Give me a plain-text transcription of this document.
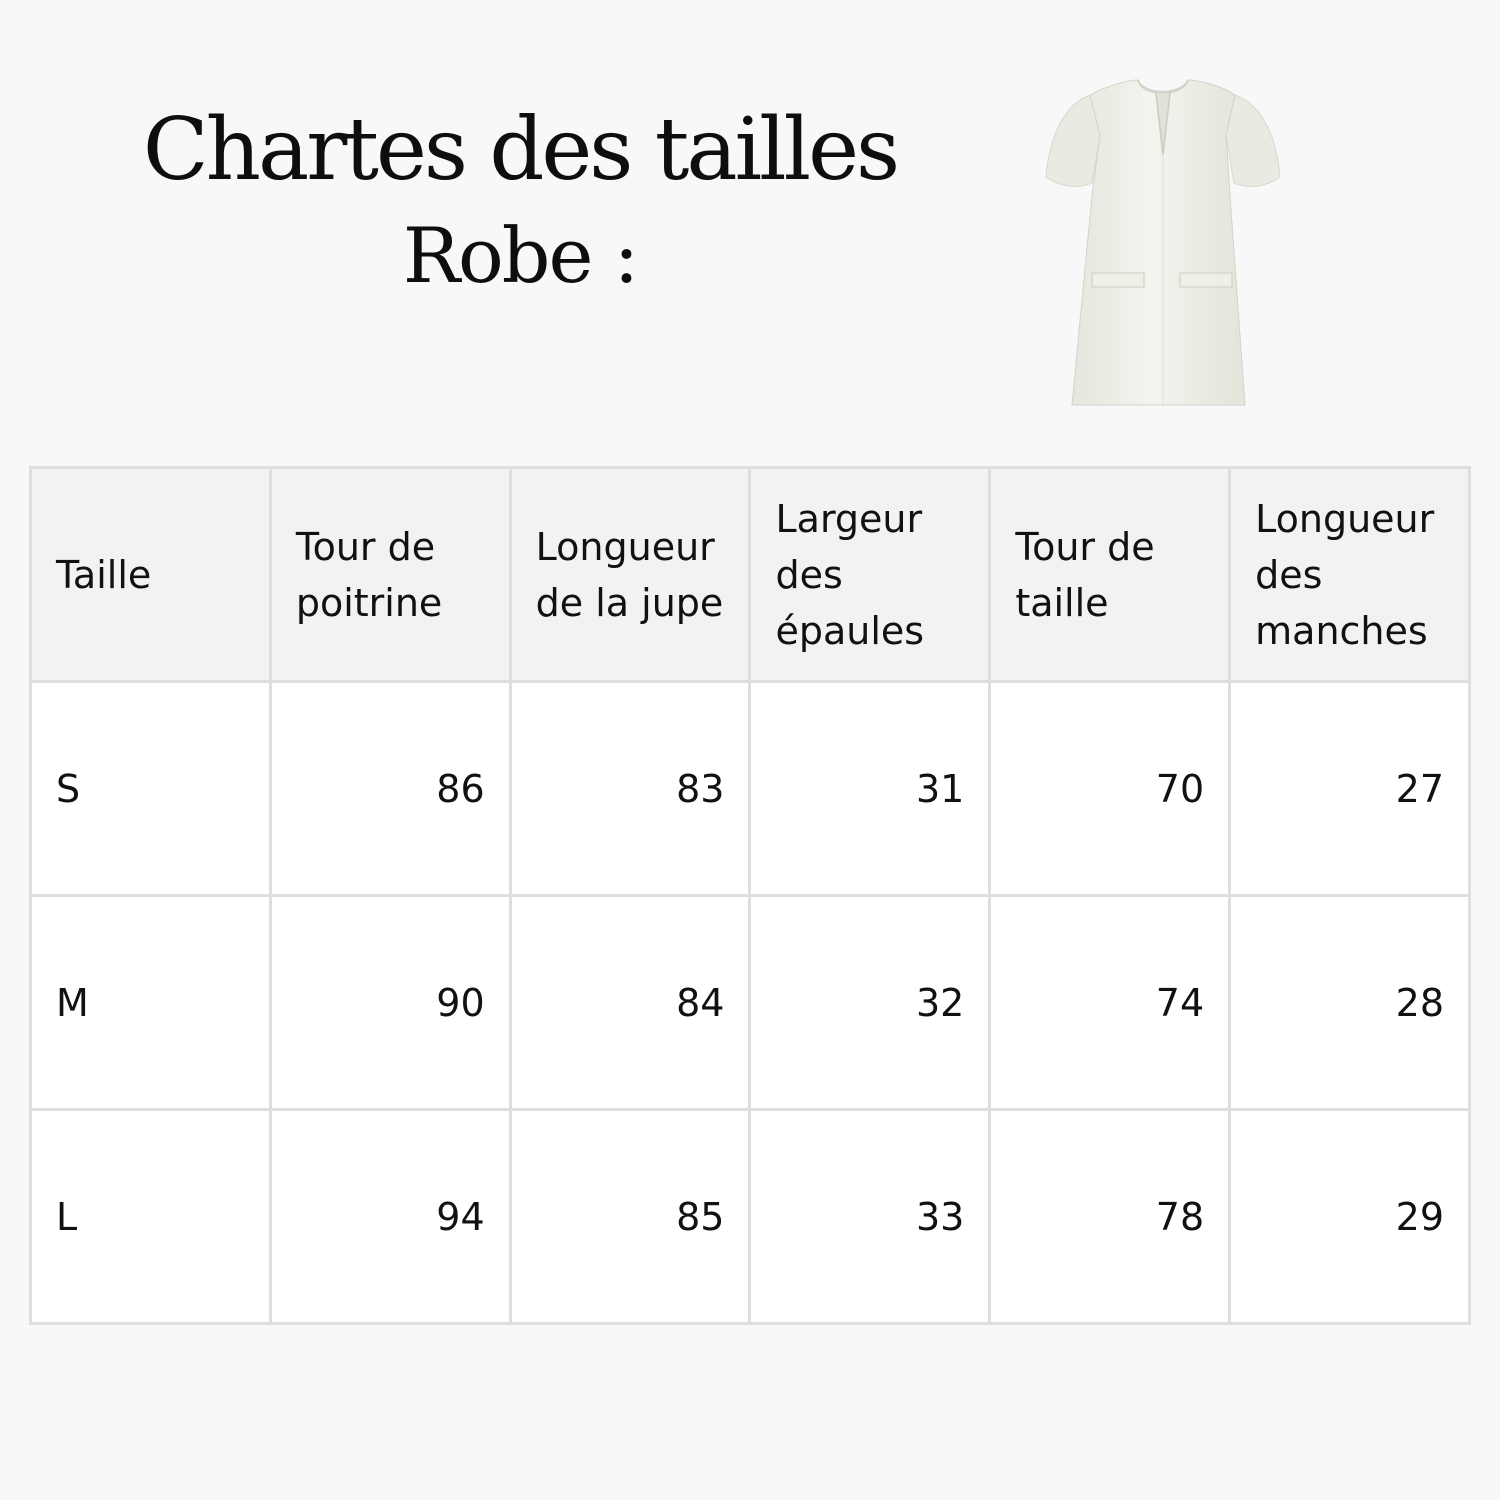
Chartes des tailles
Robe :
Taille	Tour de poitrine	Longueur de la jupe	Largeur des épaules	Tour de taille	Longueur des manches
S	86	83	31	70	27
M	90	84	32	74	28
L	94	85	33	78	29
